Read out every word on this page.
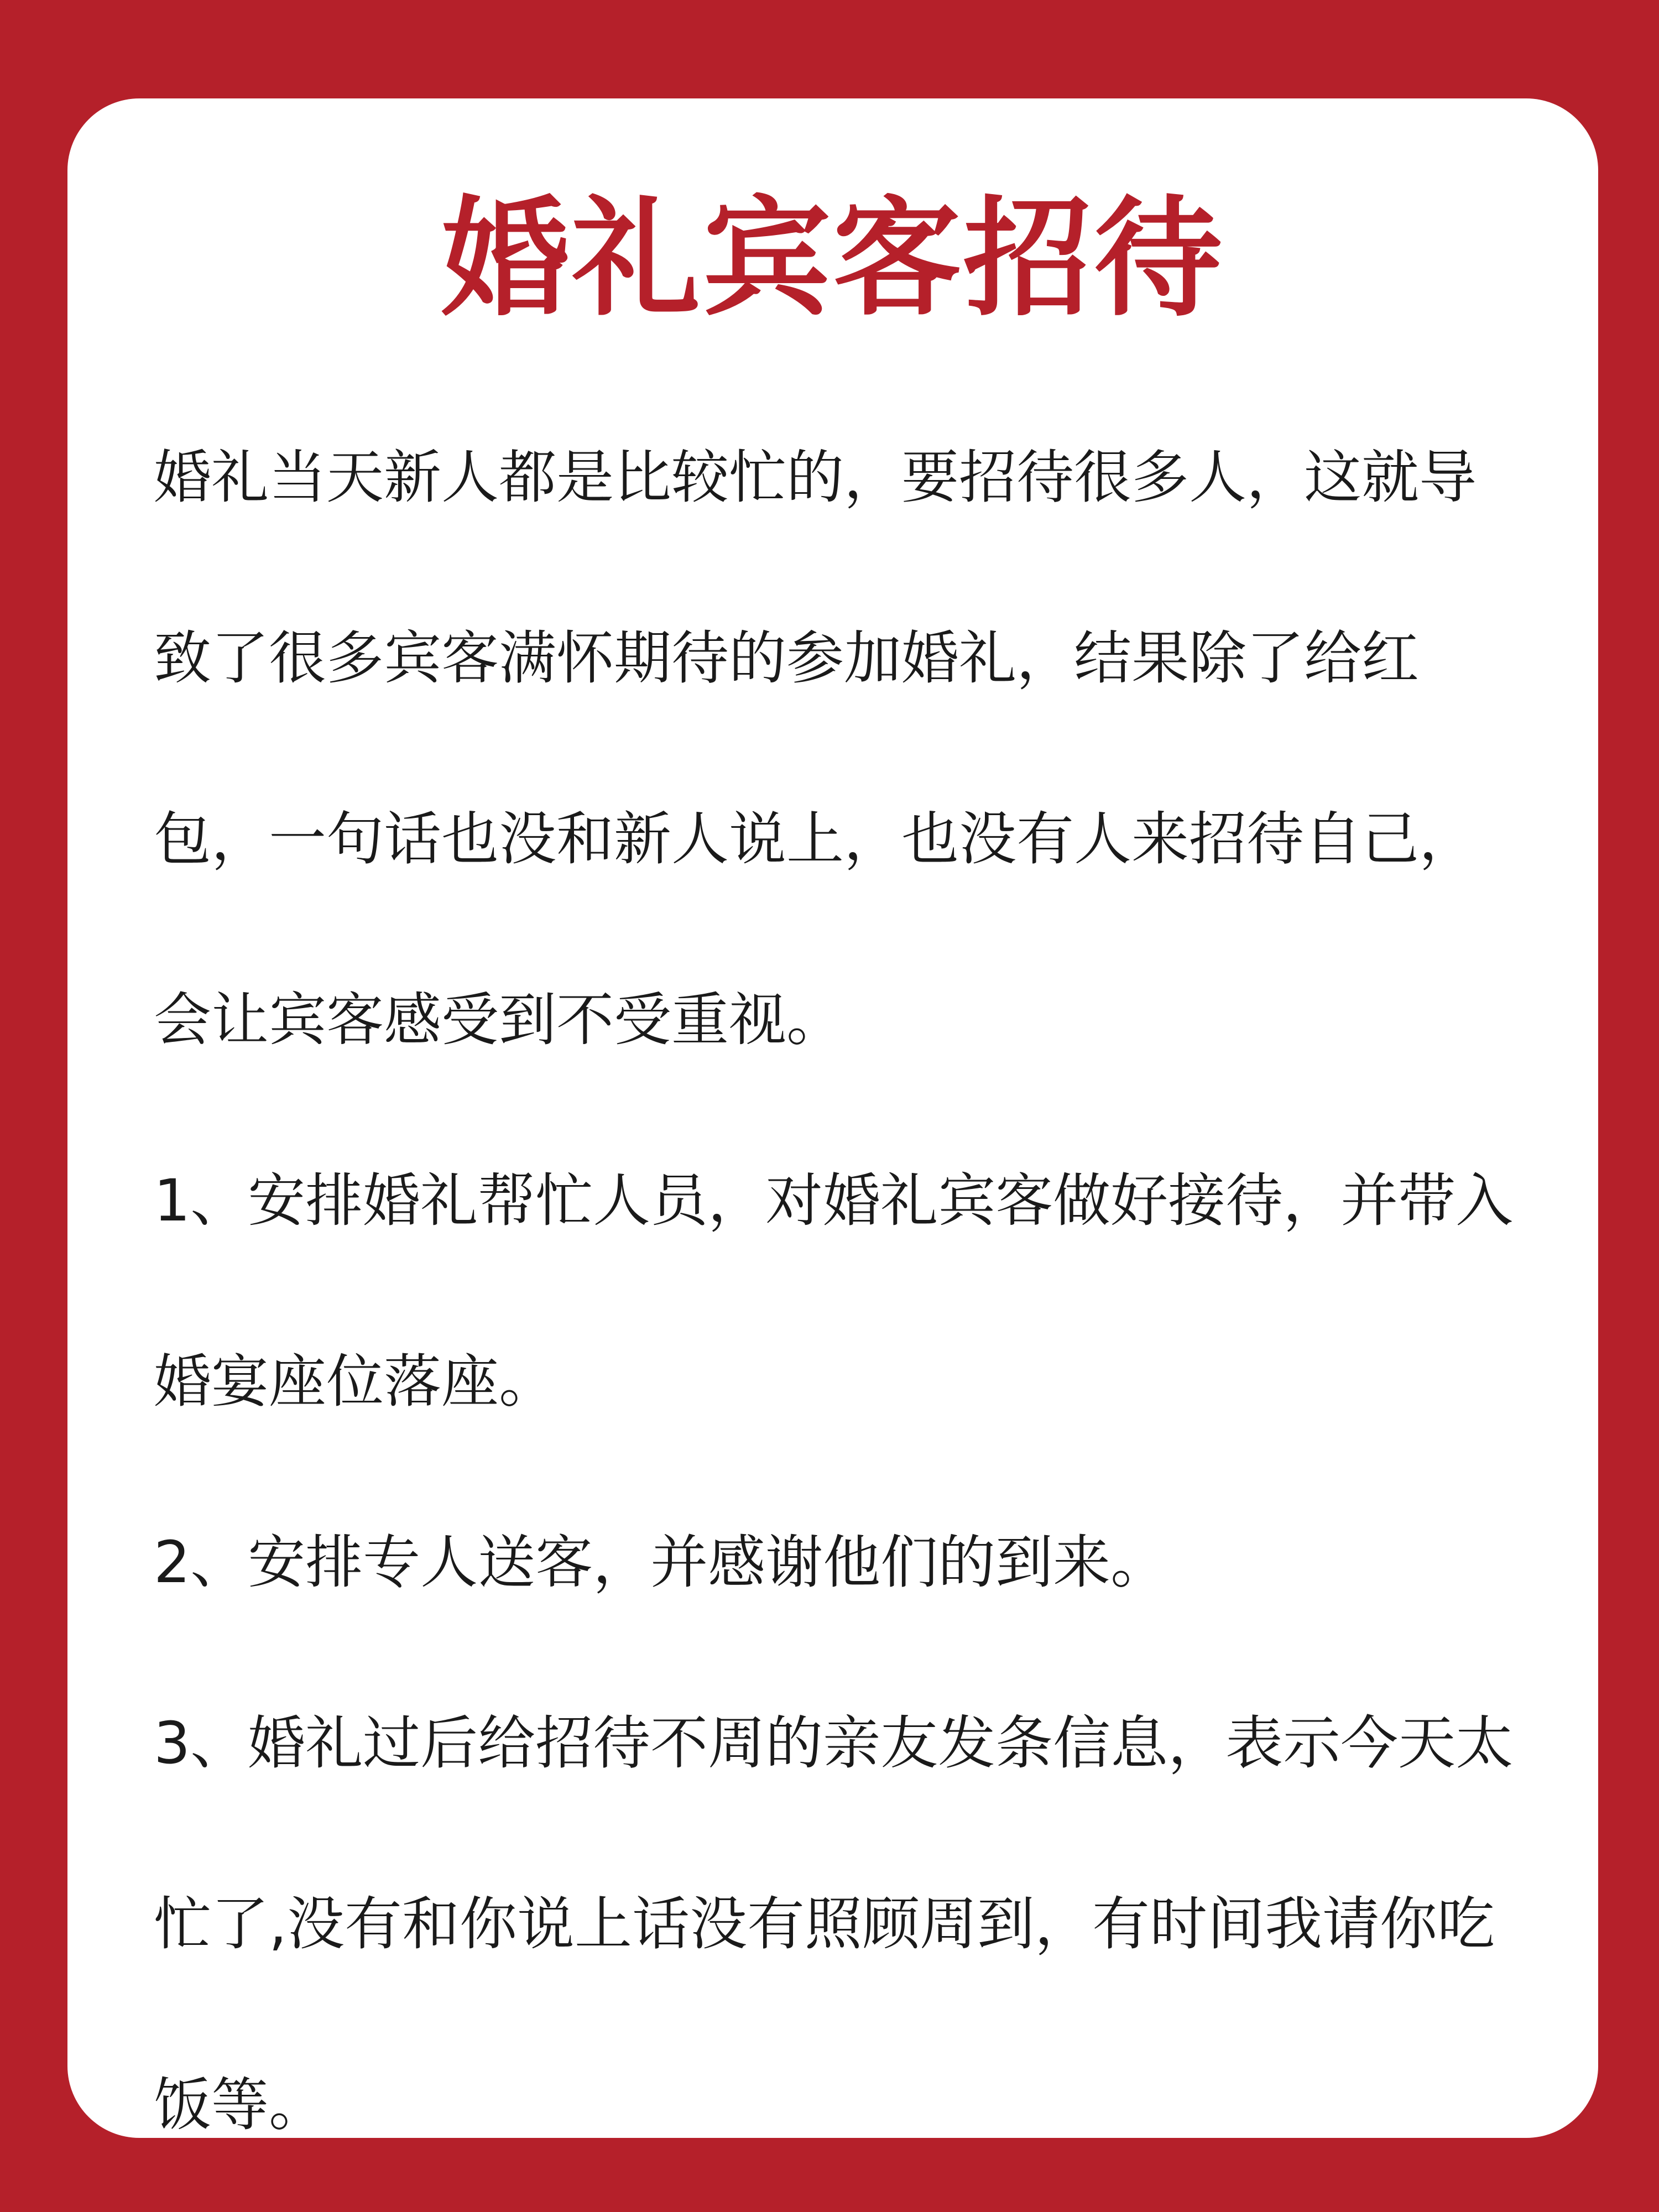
婚礼宾客招待

婚礼当天新人都是比较忙的，要招待很多人，这就导致了很多宾客满怀期待的参加婚礼，结果除了给红包，一句话也没和新人说上，也没有人来招待自己，会让宾客感受到不受重视。

1、安排婚礼帮忙人员，对婚礼宾客做好接待，并带入婚宴座位落座。

2、安排专人送客，并感谢他们的到来。

3、婚礼过后给招待不周的亲友发条信息，表示今天太忙了,没有和你说上话没有照顾周到，有时间我请你吃饭等。
